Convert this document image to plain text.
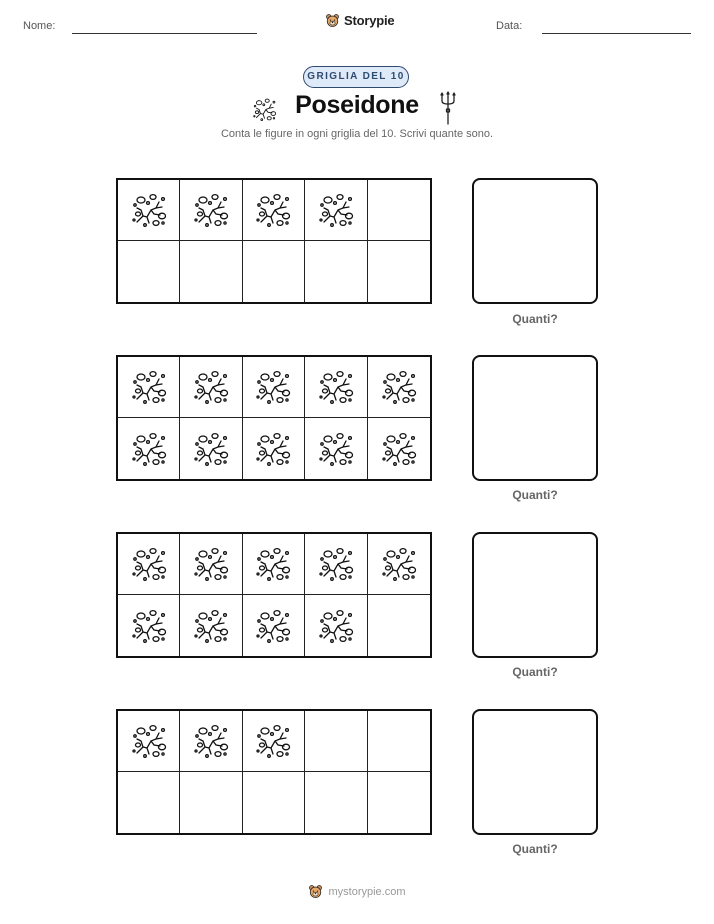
Nome:	Storypie	Data:
GRIGLIA DEL 10
Poseidone
Conta le figure in ogni griglia del 10. Scrivi quante sono.
Quanti?
Quanti?
Quanti?
Quanti?
mystorypie.com
